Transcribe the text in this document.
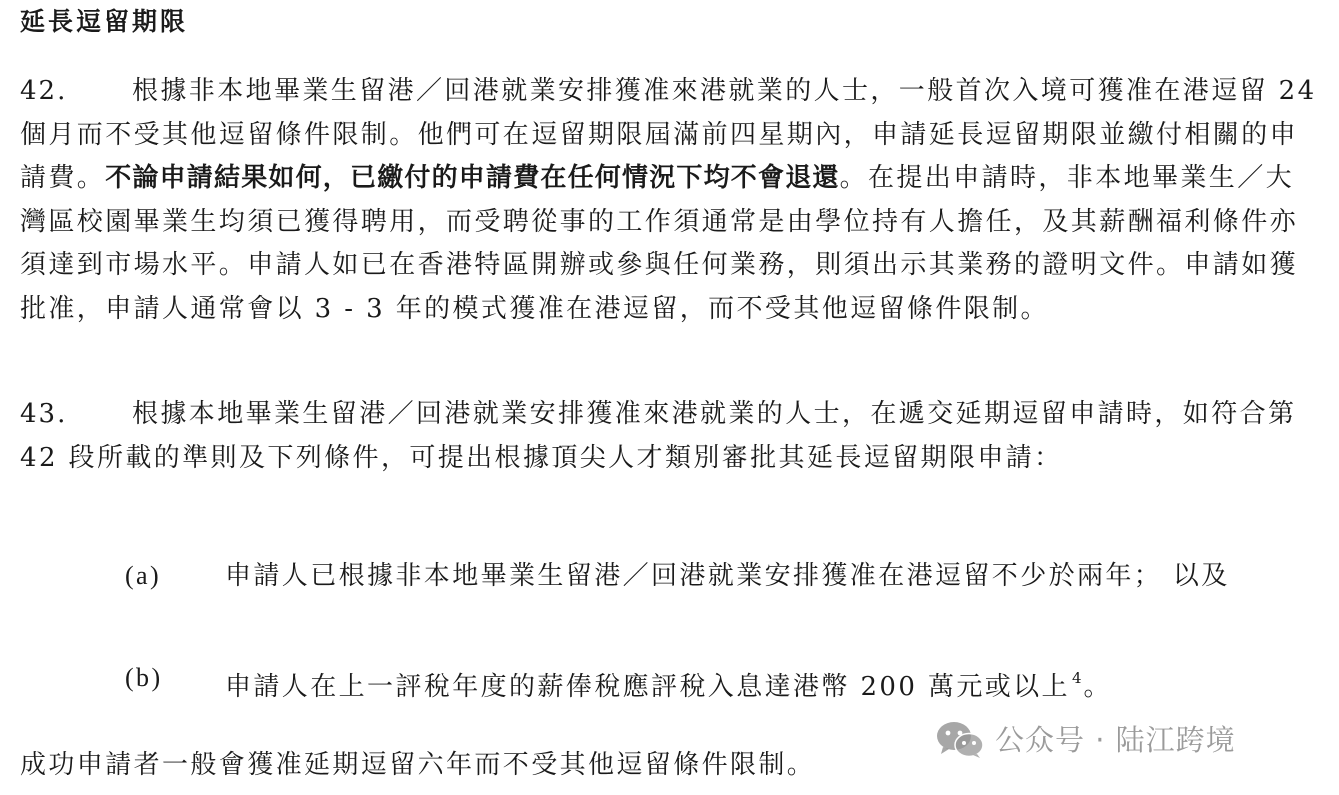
延長逗留期限

42. 根據非本地畢業生留港／回港就業安排獲准來港就業的人士，一般首次入境可獲准在港逗留 24 個月而不受其他逗留條件限制。他們可在逗留期限屆滿前四星期內，申請延長逗留期限並繳付相關的申請費。不論申請結果如何，已繳付的申請費在任何情況下均不會退還。在提出申請時，非本地畢業生／大灣區校園畢業生均須已獲得聘用，而受聘從事的工作須通常是由學位持有人擔任，及其薪酬福利條件亦須達到市場水平。申請人如已在香港特區開辦或參與任何業務，則須出示其業務的證明文件。申請如獲批准，申請人通常會以 3 - 3 年的模式獲准在港逗留，而不受其他逗留條件限制。

43. 根據本地畢業生留港／回港就業安排獲准來港就業的人士，在遞交延期逗留申請時，如符合第 42 段所載的準則及下列條件，可提出根據頂尖人才類別審批其延長逗留期限申請：

(a)	申請人已根據非本地畢業生留港／回港就業安排獲准在港逗留不少於兩年； 以及
(b)	申請人在上一評稅年度的薪俸稅應評稅入息達港幣 200 萬元或以上 $^4$。

成功申請者一般會獲准延期逗留六年而不受其他逗留條件限制。

公众号 · 陆江跨境
